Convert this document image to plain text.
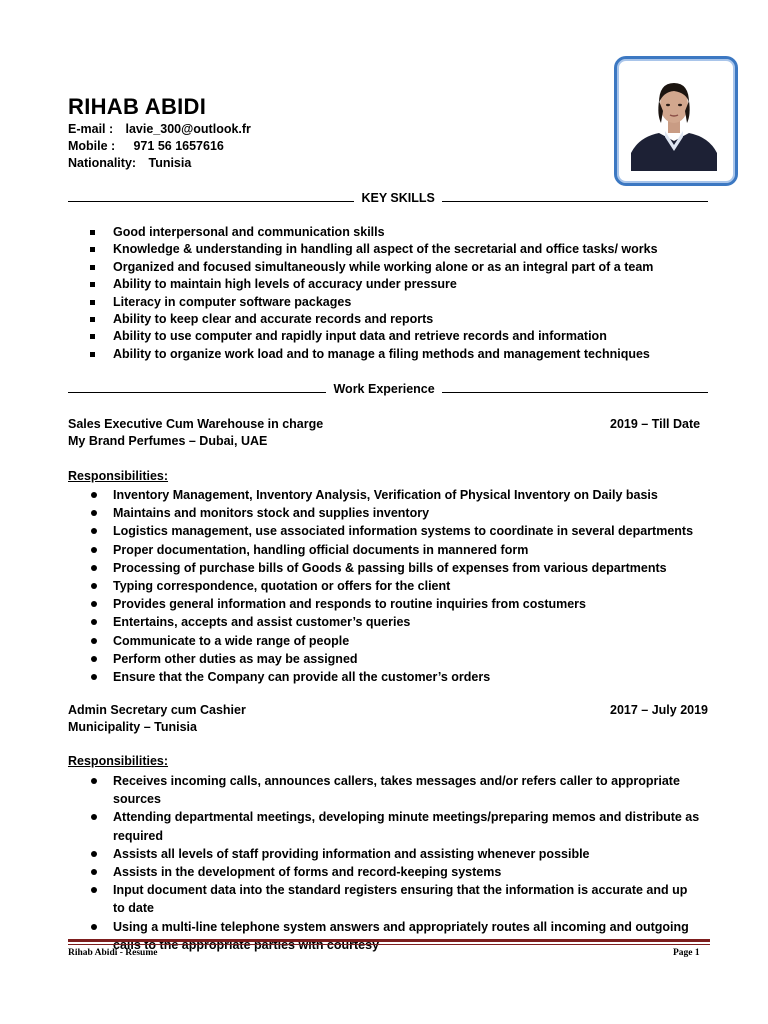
RIHAB ABIDI
E-mail : lavie_300@outlook.fr
Mobile : 971 56 1657616
Nationality: Tunisia
KEY SKILLS
Good interpersonal and communication skills
Knowledge & understanding in handling all aspect of the secretarial and office tasks/ works
Organized and focused simultaneously while working alone or as an integral part of a team
Ability to maintain high levels of accuracy under pressure
Literacy in computer software packages
Ability to keep clear and accurate records and reports
Ability to use computer and rapidly input data and retrieve records and information
Ability to organize work load and to manage a filing methods and management techniques
Work Experience
Sales Executive Cum Warehouse in charge	2019 – Till Date
My Brand Perfumes – Dubai, UAE
Responsibilities:
Inventory Management, Inventory Analysis, Verification of Physical Inventory on Daily basis
Maintains and monitors stock and supplies inventory
Logistics management, use associated information systems to coordinate in several departments
Proper documentation, handling official documents in mannered form
Processing of purchase bills of Goods & passing bills of expenses from various departments
Typing correspondence, quotation or offers for the client
Provides general information and responds to routine inquiries from costumers
Entertains, accepts and assist customer’s queries
Communicate to a wide range of people
Perform other duties as may be assigned
Ensure that the Company can provide all the customer’s orders
Admin Secretary cum Cashier	2017 – July 2019
Municipality – Tunisia
Responsibilities:
Receives incoming calls, announces callers, takes messages and/or refers caller to appropriate sources
Attending departmental meetings, developing minute meetings/preparing memos and distribute as required
Assists all levels of staff providing information and assisting whenever possible
Assists in the development of forms and record-keeping systems
Input document data into the standard registers ensuring that the information is accurate and up to date
Using a multi-line telephone system answers and appropriately routes all incoming and outgoing
Rihab Abidi - Resume	Page 1
